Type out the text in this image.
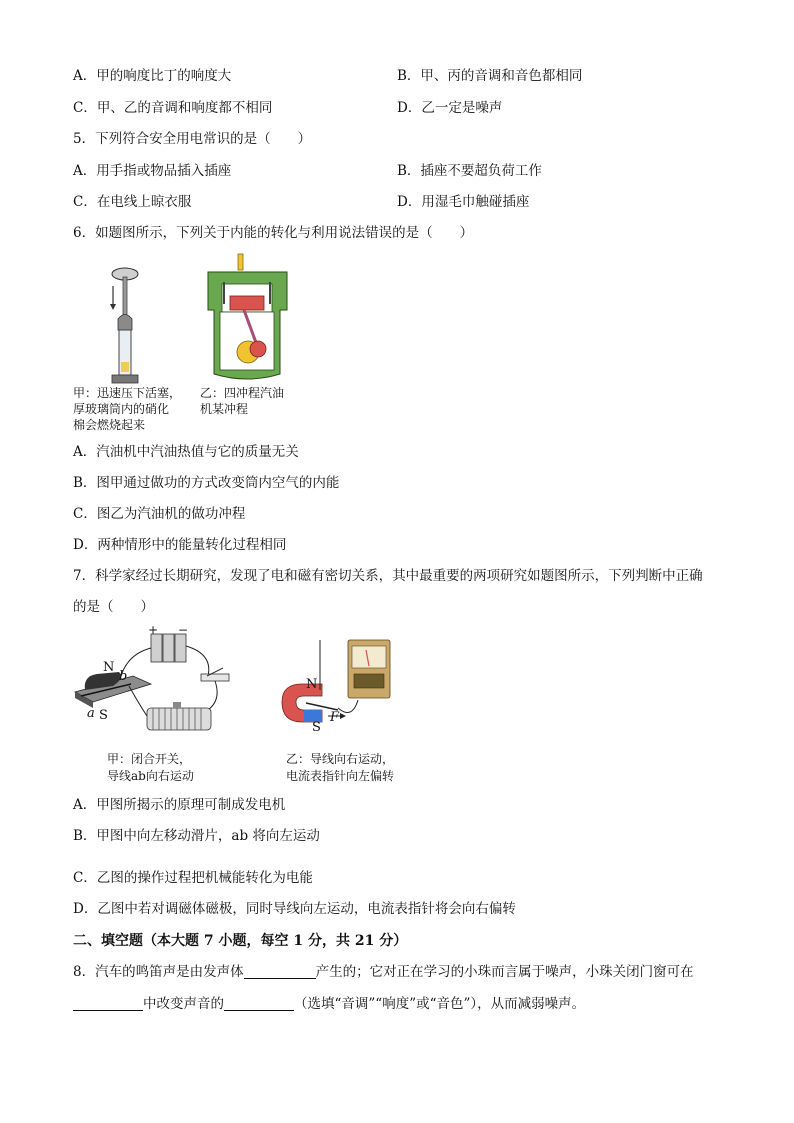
A．甲的响度比丁的响度大	B．甲、丙的音调和音色都相同
C．甲、乙的音调和响度都不相同	D．乙一定是噪声
5．下列符合安全用电常识的是（　　）
A．用手指或物品插入插座	B．插座不要超负荷工作
C．在电线上晾衣服	D．用湿毛巾触碰插座
6．如题图所示，下列关于内能的转化与利用说法错误的是（　　）
甲：迅速压下活塞，
厚玻璃筒内的硝化
棉会燃烧起来
乙：四冲程汽油
机某冲程
A．汽油机中汽油热值与它的质量无关
B．图甲通过做功的方式改变筒内空气的内能
C．图乙为汽油机的做功冲程
D．两种情形中的能量转化过程相同
7．科学家经过长期研究，发现了电和磁有密切关系，其中最重要的两项研究如题图所示，下列判断中正确
的是（　　）
+ −
N
b
a S
甲：闭合开关，
导线ab向右运动
N
S
F
乙：导线向右运动，
电流表指针向左偏转
A．甲图所揭示的原理可制成发电机
B．甲图中向左移动滑片，ab 将向左运动
C．乙图的操作过程把机械能转化为电能
D．乙图中若对调磁体磁极，同时导线向左运动，电流表指针将会向右偏转
二、填空题（本大题 7 小题，每空 1 分，共 21 分）
8．汽车的鸣笛声是由发声体	产生的；它对正在学习的小珠而言属于噪声，小珠关闭门窗可在
中改变声音的	（选填“音调”“响度”或“音色”），从而减弱噪声。
